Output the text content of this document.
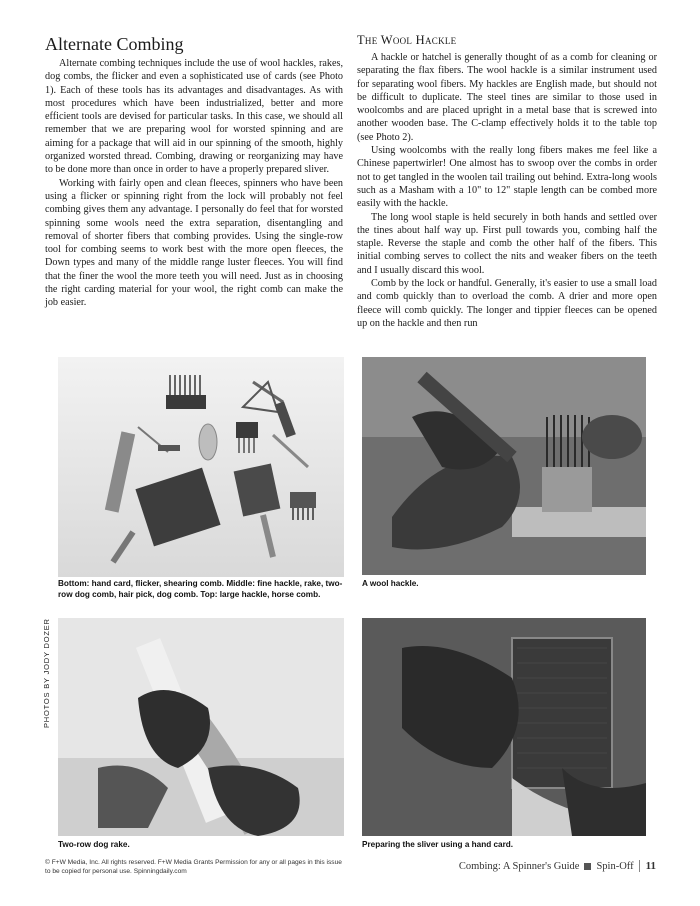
Alternate Combing

Alternate combing techniques include the use of wool hackles, rakes, dog combs, the flicker and even a sophisticated use of cards (see Photo 1). Each of these tools has its advantages and disadvantages. As with most procedures which have been industrialized, better and more efficient tools are devised for particular tasks. In this case, we should all remember that we are preparing wool for worsted spinning and are aiming for a package that will aid in our spinning of the smooth, highly organized worsted thread. Combing, drawing or reorganizing may have to be done more than once in order to have a properly prepared sliver.

Working with fairly open and clean fleeces, spinners who have been using a flicker or spinning right from the lock will probably not feel combing gives them any advantage. I personally do feel that for worsted spinning some wools need the extra separation, disentangling and removal of shorter fibers that combing provides. Using the single-row tool for combing seems to work best with the more open fleeces, the Down types and many of the middle range luster fleeces. You will find that the finer the wool the more teeth you will need. Just as in choosing the right carding material for your wool, the right comb can make the job easier.

The Wool Hackle

A hackle or hatchel is generally thought of as a comb for cleaning or separating the flax fibers. The wool hackle is a similar instrument used for separating wool fibers. My hackles are English made, but should not be difficult to duplicate. The steel tines are similar to those used in woolcombs and are placed upright in a metal base that is screwed into another wooden base. The C-clamp effectively holds it to the table top (see Photo 2).

Using woolcombs with the really long fibers makes me feel like a Chinese papertwirler! One almost has to swoop over the combs in order not to get tangled in the woolen tail trailing out behind. Extra-long wools such as a Masham with a 10" to 12" staple length can be combed more easily with the hackle.

The long wool staple is held securely in both hands and settled over the tines about half way up. First pull towards you, combing half the staple. Reverse the staple and comb the other half of the fibers. This initial combing serves to collect the nits and weaker fibers on the teeth and I usually discard this wool.

Comb by the lock or handful. Generally, it's easier to use a small load and comb quickly than to overload the comb. A drier and more open fleece will comb quickly. The longer and tippier fleeces can be opened up on the hackle and then run

Bottom: hand card, flicker, shearing comb. Middle: fine hackle, rake, two-row dog comb, hair pick, dog comb. Top: large hackle, horse comb.
A wool hackle.
Two-row dog rake.	Preparing the sliver using a hand card.
PHOTOS BY JODY DOZER
© F+W Media, Inc. All rights reserved. F+W Media Grants Permission for any or all pages in this issue to be copied for personal use. Spinningdaily.com	Combing: A Spinner's Guide Spin-Off	11
